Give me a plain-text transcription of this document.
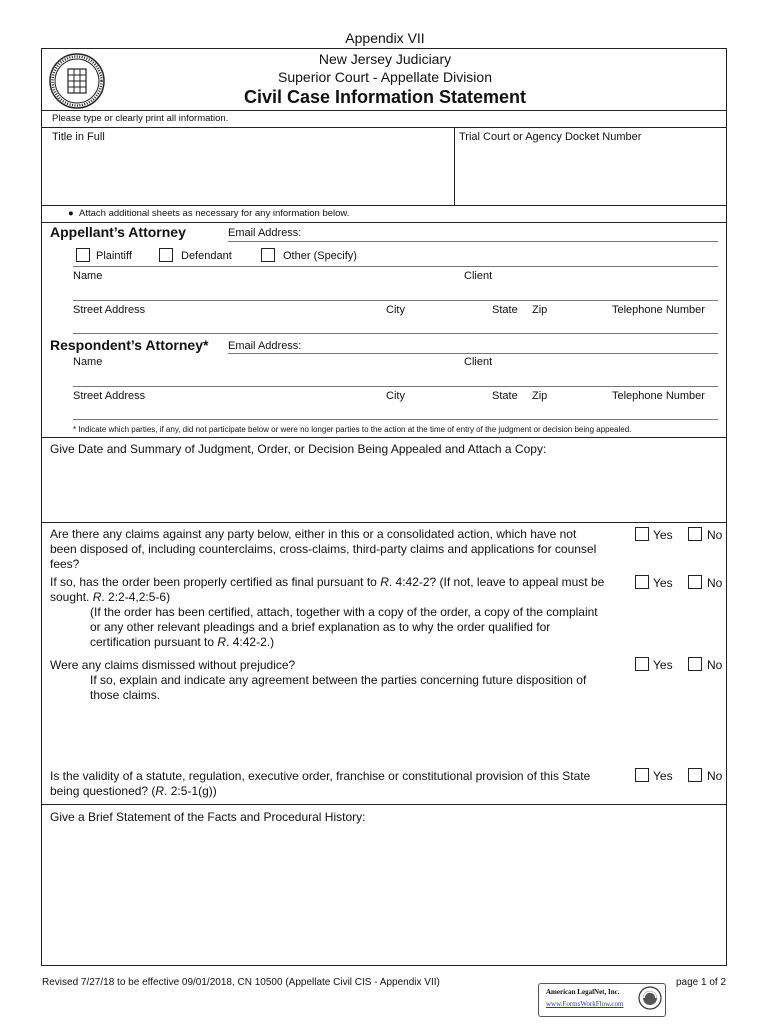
Appendix VII
New Jersey Judiciary
Superior Court - Appellate Division
Civil Case Information Statement
Please type or clearly print all information.
Title in Full	Trial Court or Agency Docket Number
●  Attach additional sheets as necessary for any information below.
Appellant’s Attorney	Email Address:
Plaintiff	Defendant	Other (Specify)
Name	Client
Street Address	City	State Zip	Telephone Number
Respondent’s Attorney* Email Address:
Name	Client
Street Address	City	State Zip	Telephone Number
* Indicate which parties, if any, did not participate below or were no longer parties to the action at the time of entry of the judgment or decision being appealed.
Give Date and Summary of Judgment, Order, or Decision Being Appealed and Attach a Copy:
Are there any claims against any party below, either in this or a consolidated action, which have not
been disposed of, including counterclaims, cross-claims, third-party claims and applications for counsel
fees?
Yes	No
If so, has the order been properly certified as final pursuant to R. 4:42-2? (If not, leave to appeal must be
sought. R. 2:2-4,2:5-6)
Yes	No
(If the order has been certified, attach, together with a copy of the order, a copy of the complaint
or any other relevant pleadings and a brief explanation as to why the order qualified for
certification pursuant to R. 4:42-2.)
Were any claims dismissed without prejudice?	Yes	No
If so, explain and indicate any agreement between the parties concerning future disposition of
those claims.
Is the validity of a statute, regulation, executive order, franchise or constitutional provision of this State
being questioned? (R. 2:5-1(g))
Yes	No
Give a Brief Statement of the Facts and Procedural History:
Revised 7/27/18 to be effective 09/01/2018, CN 10500 (Appellate Civil CIS - Appendix VII)
American LegalNet, Inc.
www.FormsWorkFlow.com
page 1 of 2
